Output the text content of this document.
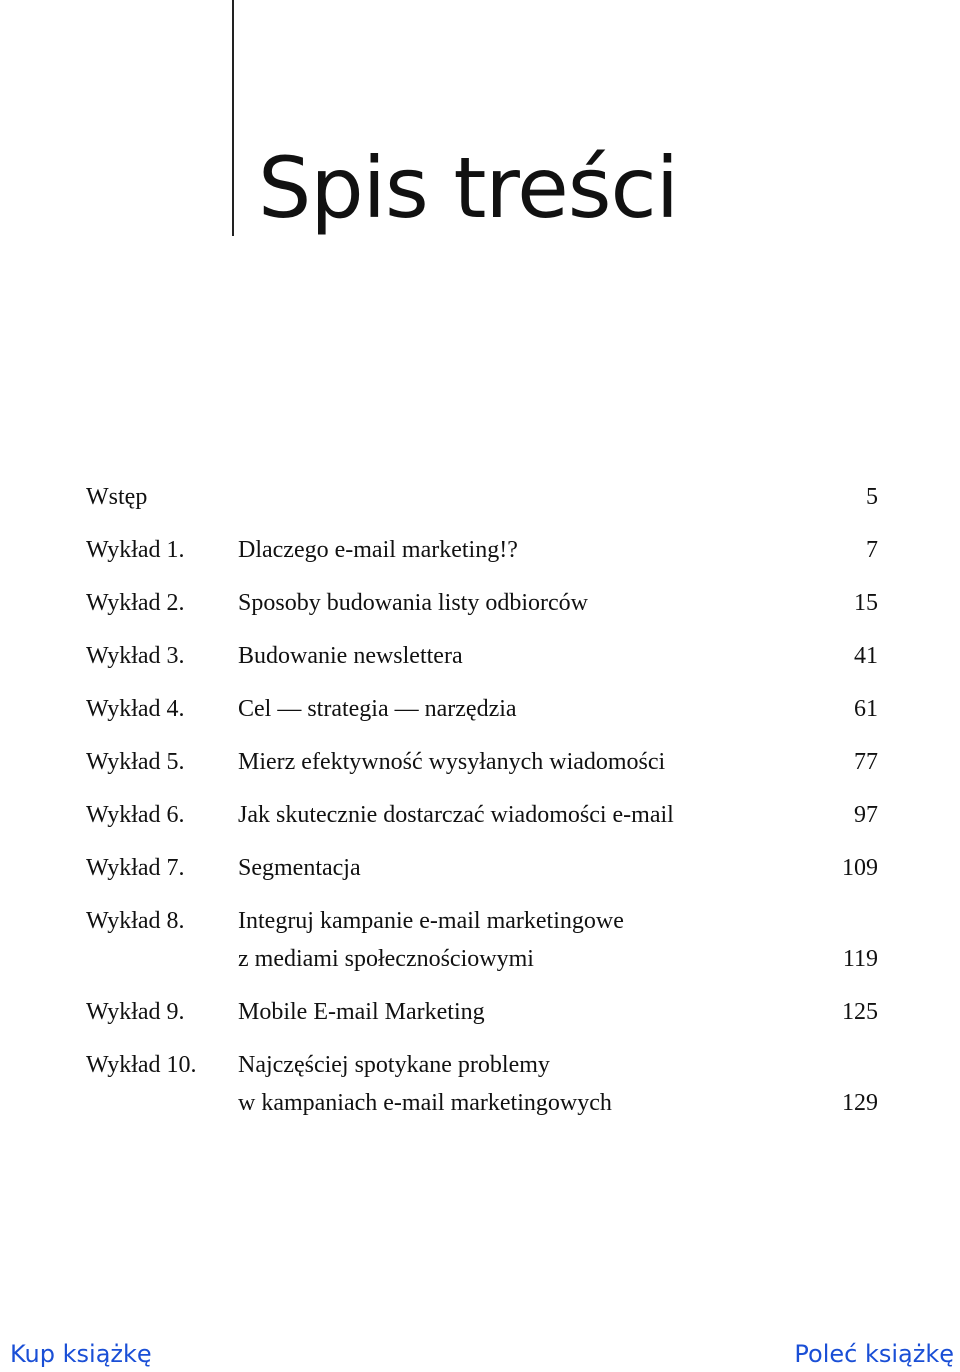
Spis treści
Wstęp	5
Wykład 1.	Dlaczego e-mail marketing!?	7
Wykład 2.	Sposoby budowania listy odbiorców	15
Wykład 3.	Budowanie newslettera	41
Wykład 4.	Cel — strategia — narzędzia	61
Wykład 5.	Mierz efektywność wysyłanych wiadomości	77
Wykład 6.	Jak skutecznie dostarczać wiadomości e-mail	97
Wykład 7.	Segmentacja	109
Wykład 8.	Integruj kampanie e-mail marketingowe
z mediami społecznościowymi	119
Wykład 9.	Mobile E-mail Marketing	125
Wykład 10.	Najczęściej spotykane problemy
w kampaniach e-mail marketingowych	129
Kup książkę	Poleć książkę
